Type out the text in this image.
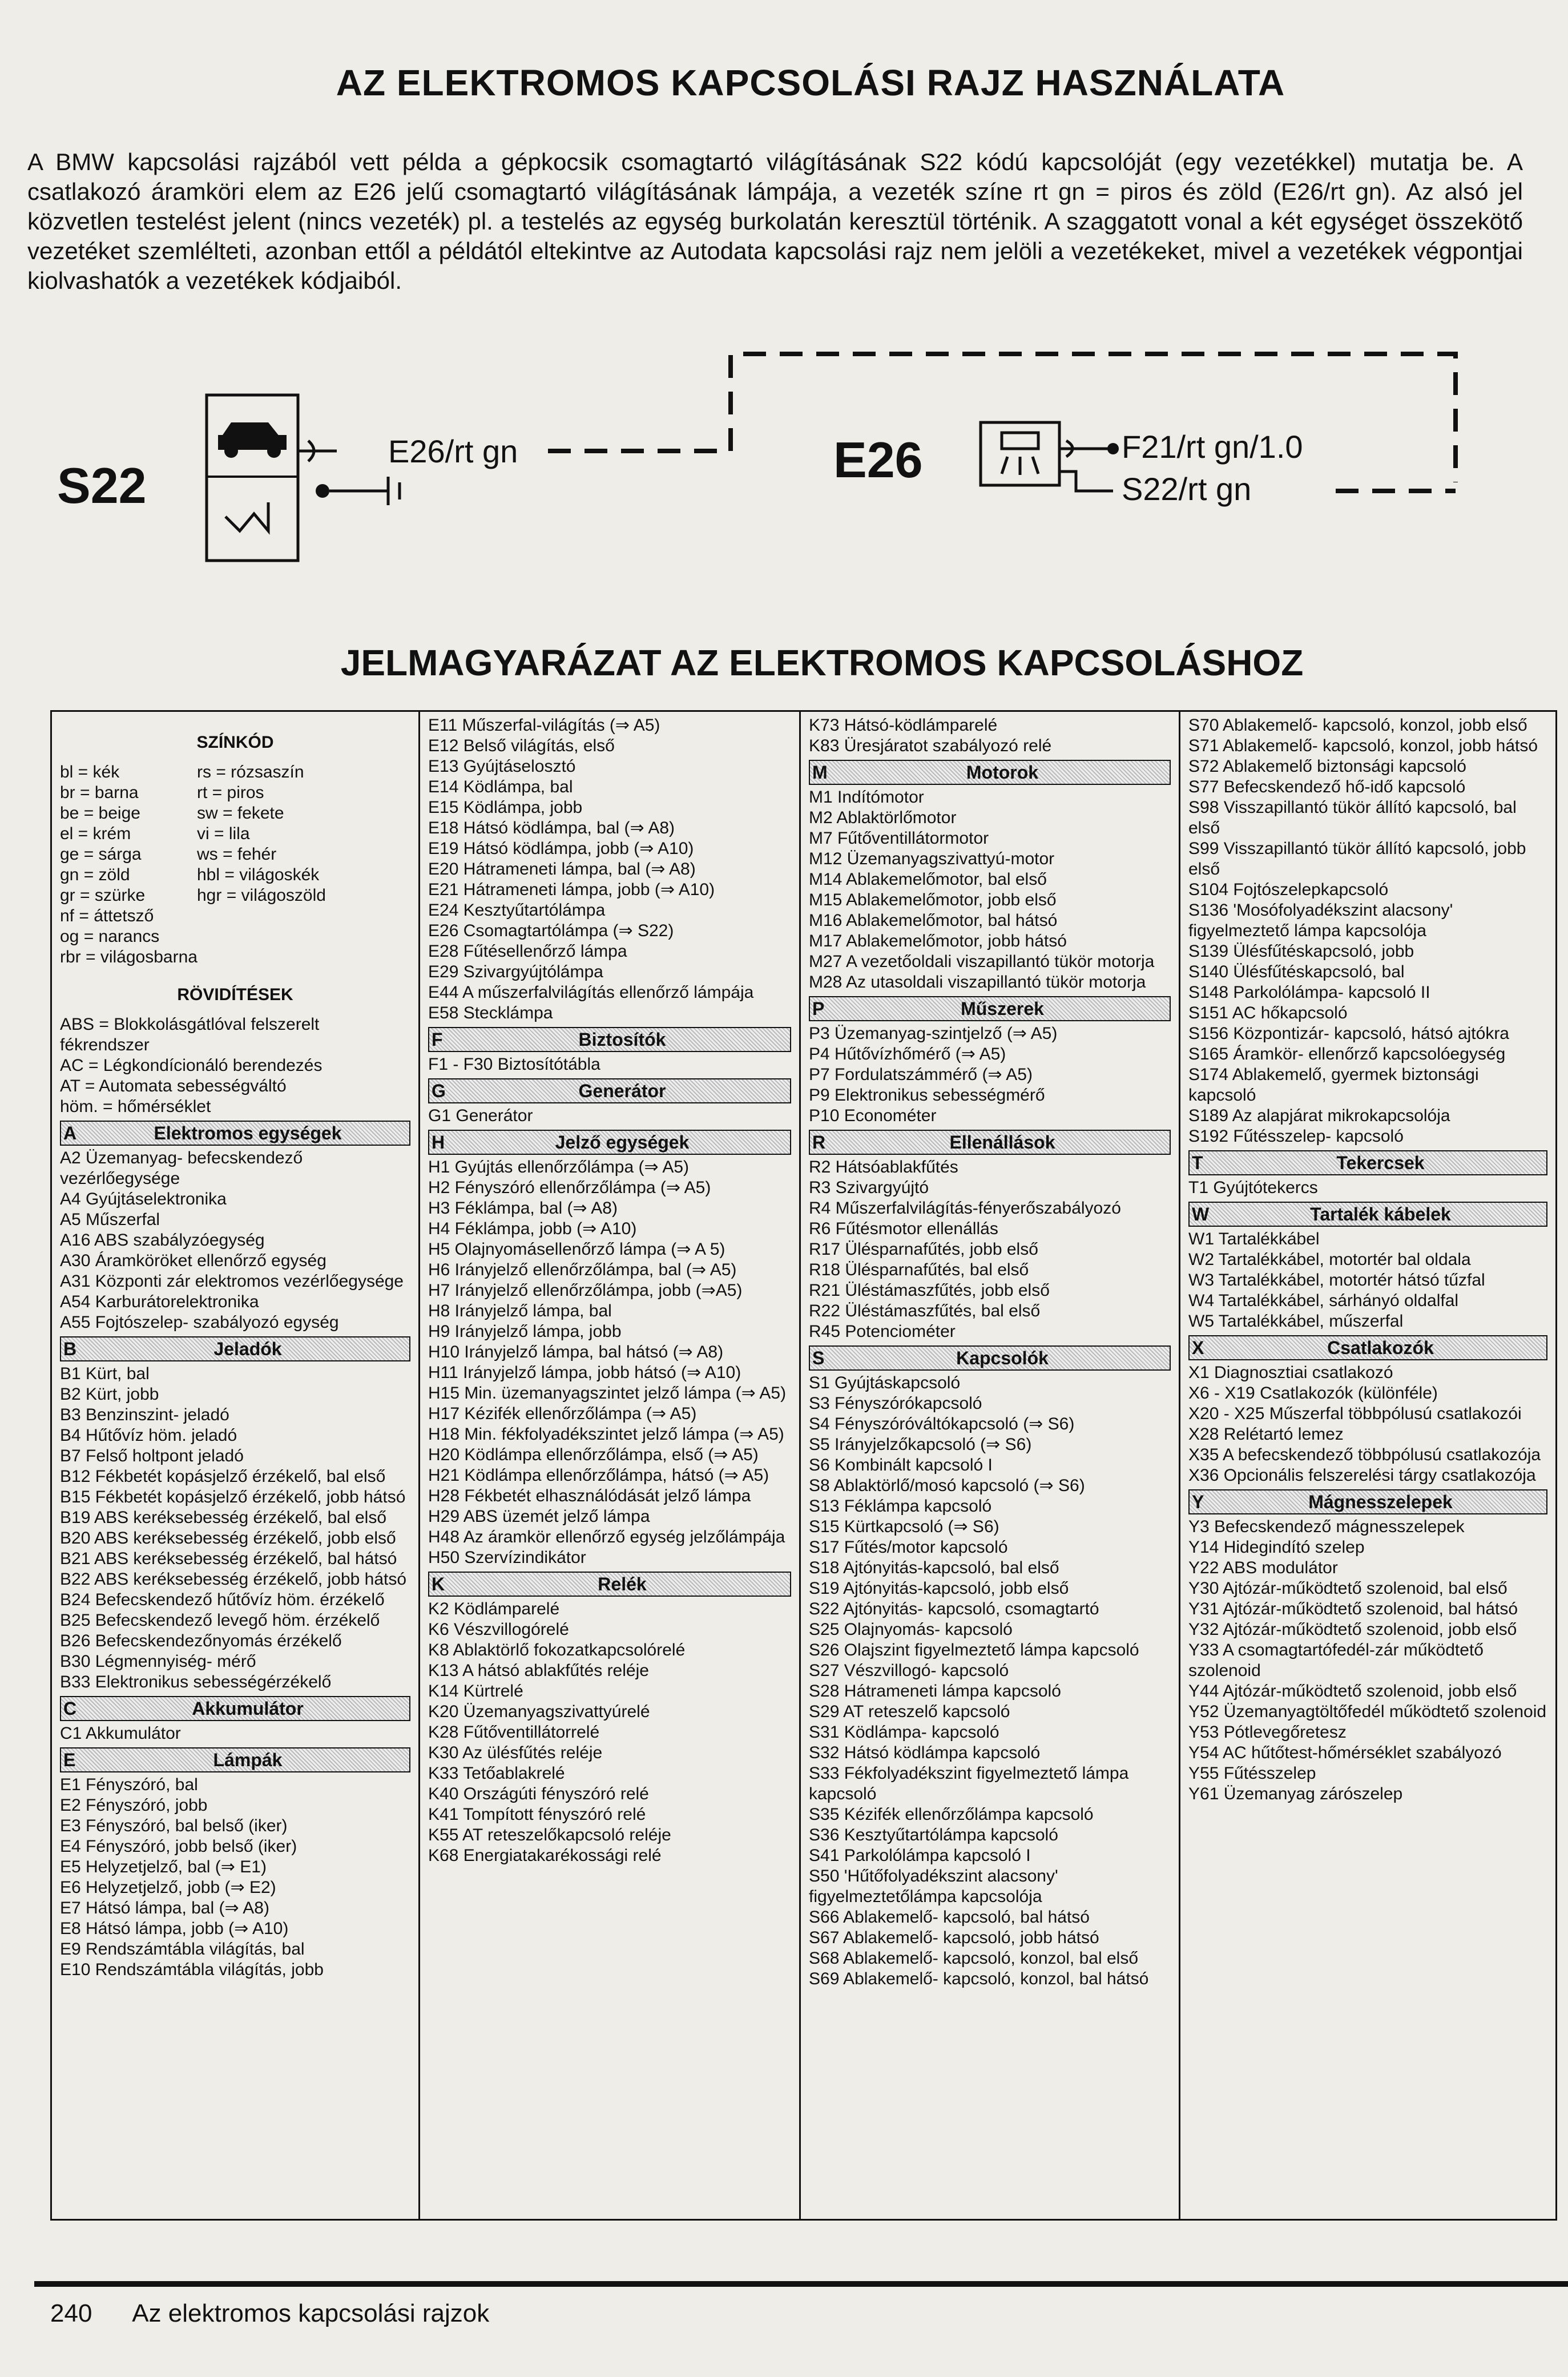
AZ ELEKTROMOS KAPCSOLÁSI RAJZ HASZNÁLATA

A BMW kapcsolási rajzából vett példa a gépkocsik csomagtartó világításának S22 kódú kapcsolóját (egy vezetékkel) mutatja be. A csatlakozó áramköri elem az E26 jelű csomagtartó világításának lámpája, a vezeték színe rt gn = piros és zöld (E26/rt gn). Az alsó jel közvetlen testelést jelent (nincs vezeték) pl. a testelés az egység burkolatán keresztül történik. A szaggatott vonal a két egységet összekötő vezetéket szemlélteti, azonban ettől a példától eltekintve az Autodata kapcsolási rajz nem jelöli a vezetékeket, mivel a vezetékek végpontjai kiolvashatók a vezetékek kódjaiból.

S22
E26/rt gn	E26	F21/rt gn/1.0
S22/rt gn
JELMAGYARÁZAT AZ ELEKTROMOS KAPCSOLÁSHOZ
SZÍNKÓD
bl = kék	rs = rózsaszín
br = barna	rt = piros
be = beige	sw = fekete
el = krém	vi = lila
ge = sárga	ws = fehér
gn = zöld	hbl = világoskék
gr = szürke	hgr = világoszöld
nf = áttetsző
og = narancs
rbr = világosbarna
RÖVIDÍTÉSEK
ABS = Blokkolásgátlóval felszerelt fékrendszer
AC = Légkondícionáló berendezés
AT = Automata sebességváltó
höm. = hőmérséklet
A	Elektromos egységek
A2 Üzemanyag- befecskendező vezérlőegysége
A4 Gyújtáselektronika
A5 Műszerfal
A16 ABS szabályzóegység
A30 Áramköröket ellenőrző egység
A31 Központi zár elektromos vezérlőegysége
A54 Karburátorelektronika
A55 Fojtószelep- szabályozó egység
B	Jeladók
B1 Kürt, bal
B2 Kürt, jobb
B3 Benzinszint- jeladó
B4 Hűtővíz höm. jeladó
B7 Felső holtpont jeladó
B12 Fékbetét kopásjelző érzékelő, bal első
B15 Fékbetét kopásjelző érzékelő, jobb hátsó
B19 ABS keréksebesség érzékelő, bal első
B20 ABS keréksebesség érzékelő, jobb első
B21 ABS keréksebesség érzékelő, bal hátsó
B22 ABS keréksebesség érzékelő, jobb hátsó
B24 Befecskendező hűtővíz höm. érzékelő
B25 Befecskendező levegő höm. érzékelő
B26 Befecskendezőnyomás érzékelő
B30 Légmennyiség- mérő
B33 Elektronikus sebességérzékelő
C	Akkumulátor
C1 Akkumulátor
E	Lámpák
E1 Fényszóró, bal
E2 Fényszóró, jobb
E3 Fényszóró, bal belső (iker)
E4 Fényszóró, jobb belső (iker)
E5 Helyzetjelző, bal (⇒ E1)
E6 Helyzetjelző, jobb (⇒ E2)
E7 Hátsó lámpa, bal (⇒ A8)
E8 Hátsó lámpa, jobb (⇒ A10)
E9 Rendszámtábla világítás, bal
E10 Rendszámtábla világítás, jobb
E11 Műszerfal-világítás (⇒ A5)
E12 Belső világítás, első
E13 Gyújtáselosztó
E14 Ködlámpa, bal
E15 Ködlámpa, jobb
E18 Hátsó ködlámpa, bal (⇒ A8)
E19 Hátsó ködlámpa, jobb (⇒ A10)
E20 Hátrameneti lámpa, bal (⇒ A8)
E21 Hátrameneti lámpa, jobb (⇒ A10)
E24 Kesztyűtartólámpa
E26 Csomagtartólámpa (⇒ S22)
E28 Fűtésellenőrző lámpa
E29 Szivargyújtólámpa
E44 A műszerfalvilágítás ellenőrző lámpája
E58 Stecklámpa
F	Biztosítók
F1 - F30 Biztosítótábla
G	Generátor
G1 Generátor
H	Jelző egységek
H1 Gyújtás ellenőrzőlámpa (⇒ A5)
H2 Fényszóró ellenőrzőlámpa (⇒ A5)
H3 Féklámpa, bal (⇒ A8)
H4 Féklámpa, jobb (⇒ A10)
H5 Olajnyomásellenőrző lámpa (⇒ A 5)
H6 Irányjelző ellenőrzőlámpa, bal (⇒ A5)
H7 Irányjelző ellenőrzőlámpa, jobb (⇒A5)
H8 Irányjelző lámpa, bal
H9 Irányjelző lámpa, jobb
H10 Irányjelző lámpa, bal hátsó (⇒ A8)
H11 Irányjelző lámpa, jobb hátsó (⇒ A10)
H15 Min. üzemanyagszintet jelző lámpa (⇒ A5)
H17 Kézifék ellenőrzőlámpa (⇒ A5)
H18 Min. fékfolyadékszintet jelző lámpa (⇒ A5)
H20 Ködlámpa ellenőrzőlámpa, első (⇒ A5)
H21 Ködlámpa ellenőrzőlámpa, hátsó (⇒ A5)
H28 Fékbetét elhasználódását jelző lámpa
H29 ABS üzemét jelző lámpa
H48 Az áramkör ellenőrző egység jelzőlámpája
H50 Szervízindikátor
K	Relék
K2 Ködlámparelé
K6 Vészvillogórelé
K8 Ablaktörlő fokozatkapcsolórelé
K13 A hátsó ablakfűtés reléje
K14 Kürtrelé
K20 Üzemanyagszivattyúrelé
K28 Fűtőventillátorrelé
K30 Az ülésfűtés reléje
K33 Tetőablakrelé
K40 Országúti fényszóró relé
K41 Tompított fényszóró relé
K55 AT reteszelőkapcsoló reléje
K68 Energiatakarékossági relé
K73 Hátsó-ködlámparelé
K83 Üresjáratot szabályozó relé
M	Motorok
M1 Indítómotor
M2 Ablaktörlőmotor
M7 Fűtőventillátormotor
M12 Üzemanyagszivattyú-motor
M14 Ablakemelőmotor, bal első
M15 Ablakemelőmotor, jobb első
M16 Ablakemelőmotor, bal hátsó
M17 Ablakemelőmotor, jobb hátsó
M27 A vezetőoldali viszapillantó tükör motorja
M28 Az utasoldali viszapillantó tükör motorja
P	Műszerek
P3 Üzemanyag-szintjelző (⇒ A5)
P4 Hűtővízhőmérő (⇒ A5)
P7 Fordulatszámmérő (⇒ A5)
P9 Elektronikus sebességmérő
P10 Econométer
R	Ellenállások
R2 Hátsóablakfűtés
R3 Szivargyújtó
R4 Műszerfalvilágítás-fényerőszabályozó
R6 Fűtésmotor ellenállás
R17 Ülésparnafűtés, jobb első
R18 Ülésparnafűtés, bal első
R21 Üléstámaszfűtés, jobb első
R22 Üléstámaszfűtés, bal első
R45 Potenciométer
S	Kapcsolók
S1 Gyújtáskapcsoló
S3 Fényszórókapcsoló
S4 Fényszóróváltókapcsoló (⇒ S6)
S5 Irányjelzőkapcsoló (⇒ S6)
S6 Kombinált kapcsoló I
S8 Ablaktörlő/mosó kapcsoló (⇒ S6)
S13 Féklámpa kapcsoló
S15 Kürtkapcsoló (⇒ S6)
S17 Fűtés/motor kapcsoló
S18 Ajtónyitás-kapcsoló, bal első
S19 Ajtónyitás-kapcsoló, jobb első
S22 Ajtónyitás- kapcsoló, csomagtartó
S25 Olajnyomás- kapcsoló
S26 Olajszint figyelmeztető lámpa kapcsoló
S27 Vészvillogó- kapcsoló
S28 Hátrameneti lámpa kapcsoló
S29 AT reteszelő kapcsoló
S31 Ködlámpa- kapcsoló
S32 Hátsó ködlámpa kapcsoló
S33 Fékfolyadékszint figyelmeztető lámpa kapcsoló
S35 Kézifék ellenőrzőlámpa kapcsoló
S36 Kesztyűtartólámpa kapcsoló
S41 Parkolólámpa kapcsoló I
S50 'Hűtőfolyadékszint alacsony' figyelmeztetőlámpa kapcsolója
S66 Ablakemelő- kapcsoló, bal hátsó
S67 Ablakemelő- kapcsoló, jobb hátsó
S68 Ablakemelő- kapcsoló, konzol, bal első
S69 Ablakemelő- kapcsoló, konzol, bal hátsó
S70 Ablakemelő- kapcsoló, konzol, jobb első
S71 Ablakemelő- kapcsoló, konzol, jobb hátsó
S72 Ablakemelő biztonsági kapcsoló
S77 Befecskendező hő-idő kapcsoló
S98 Visszapillantó tükör állító kapcsoló, bal első
S99 Visszapillantó tükör állító kapcsoló, jobb első
S104 Fojtószelepkapcsoló
S136 'Mosófolyadékszint alacsony' figyelmeztető lámpa kapcsolója
S139 Ülésfűtéskapcsoló, jobb
S140 Ülésfűtéskapcsoló, bal
S148 Parkolólámpa- kapcsoló II
S151 AC hőkapcsoló
S156 Központizár- kapcsoló, hátsó ajtókra
S165 Áramkör- ellenőrző kapcsolóegység
S174 Ablakemelő, gyermek biztonsági kapcsoló
S189 Az alapjárat mikrokapcsolója
S192 Fűtésszelep- kapcsoló
T	Tekercsek
T1 Gyújtótekercs
W	Tartalék kábelek
W1 Tartalékkábel
W2 Tartalékkábel, motortér bal oldala
W3 Tartalékkábel, motortér hátsó tűzfal
W4 Tartalékkábel, sárhányó oldalfal
W5 Tartalékkábel, műszerfal
X	Csatlakozók
X1 Diagnosztiai csatlakozó
X6 - X19 Csatlakozók (különféle)
X20 - X25 Műszerfal többpólusú csatlakozói
X28 Relétartó lemez
X35 A befecskendező többpólusú csatlakozója
X36 Opcionális felszerelési tárgy csatlakozója
Y	Mágnesszelepek
Y3 Befecskendező mágnesszelepek
Y14 Hidegindító szelep
Y22 ABS modulátor
Y30 Ajtózár-működtető szolenoid, bal első
Y31 Ajtózár-működtető szolenoid, bal hátsó
Y32 Ajtózár-működtető szolenoid, jobb első
Y33 A csomagtartófedél-zár működtető szolenoid
Y44 Ajtózár-működtető szolenoid, jobb első
Y52 Üzemanyagtöltőfedél működtető szolenoid
Y53 Pótlevegőretesz
Y54 AC hűtőtest-hőmérséklet szabályozó
Y55 Fűtésszelep
Y61 Üzemanyag zárószelep
240 Az elektromos kapcsolási rajzok
